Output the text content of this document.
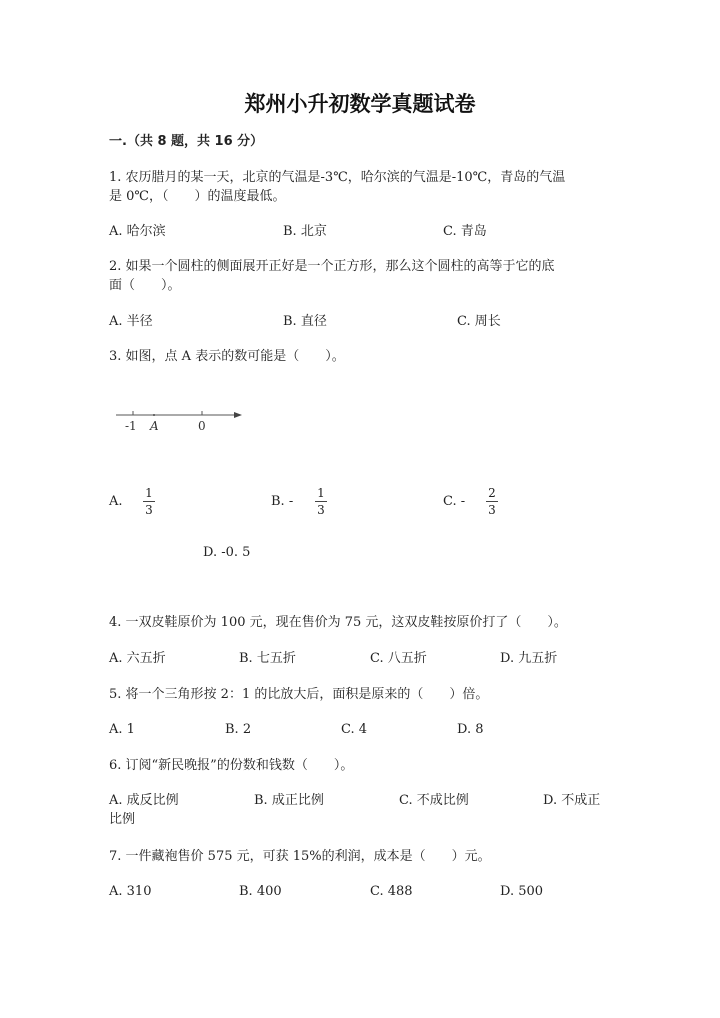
郑州小升初数学真题试卷
一.（共 8 题，共 16 分）
1. 农历腊月的某一天，北京的气温是-3℃，哈尔滨的气温是-10℃，青岛的气温
是 0℃，（　　）的温度最低。
A. 哈尔滨	B. 北京	C. 青岛
2. 如果一个圆柱的侧面展开正好是一个正方形，那么这个圆柱的高等于它的底
面（　　）。
A. 半径	B. 直径	C. 周长
3. 如图，点 A 表示的数可能是（　　）。
-1 A	0
A.
1
3
B. -
1
3
C. -
2
3
D. -0. 5
4. 一双皮鞋原价为 100 元，现在售价为 75 元，这双皮鞋按原价打了（　　）。
A. 六五折	B. 七五折	C. 八五折	D. 九五折
5. 将一个三角形按 2：1 的比放大后，面积是原来的（　　）倍。
A. 1	B. 2	C. 4	D. 8
6. 订阅“新民晚报”的份数和钱数（　　）。
A. 成反比例	B. 成正比例	C. 不成比例	D. 不成正
比例
7. 一件藏袍售价 575 元，可获 15%的利润，成本是（　　）元。
A. 310	B. 400	C. 488	D. 500
